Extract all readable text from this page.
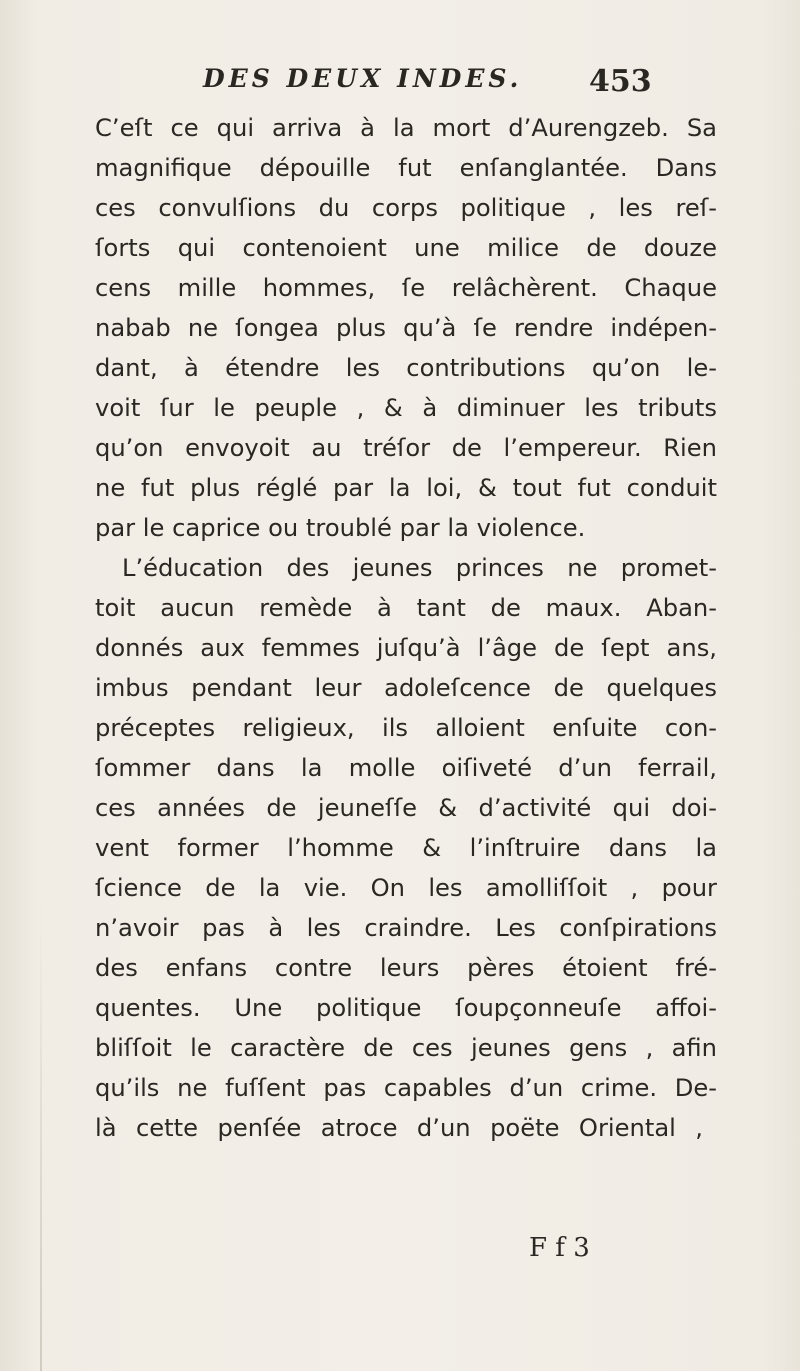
DES DEUX INDES. 453
C’eſt ce qui arriva à la mort d’Aurengzeb. Sa
magnifique dépouille fut enſanglantée. Dans
ces convulſions du corps politique , les reſ-
ſorts qui contenoient une milice de douze
cens mille hommes, ſe relâchèrent. Chaque
nabab ne ſongea plus qu’à ſe rendre indépen-
dant, à étendre les contributions qu’on le-
voit ſur le peuple , & à diminuer les tributs
qu’on envoyoit au tréſor de l’empereur. Rien
ne fut plus réglé par la loi, & tout fut conduit
par le caprice ou troublé par la violence.
L’éducation des jeunes princes ne promet-
toit aucun remède à tant de maux. Aban-
donnés aux femmes juſqu’à l’âge de ſept ans,
imbus pendant leur adoleſcence de quelques
préceptes religieux, ils alloient enſuite con-
ſommer dans la molle oiſiveté d’un ferrail,
ces années de jeuneſſe & d’activité qui doi-
vent former l’homme & l’inſtruire dans la
ſcience de la vie. On les amolliſſoit , pour
n’avoir pas à les craindre. Les conſpirations
des enfans contre leurs pères étoient fré-
quentes. Une politique ſoupçonneuſe affoi-
bliſſoit le caractère de ces jeunes gens , afin
qu’ils ne fuſſent pas capables d’un crime. De-
là cette penſée atroce d’un poëte Oriental ,
F f 3
